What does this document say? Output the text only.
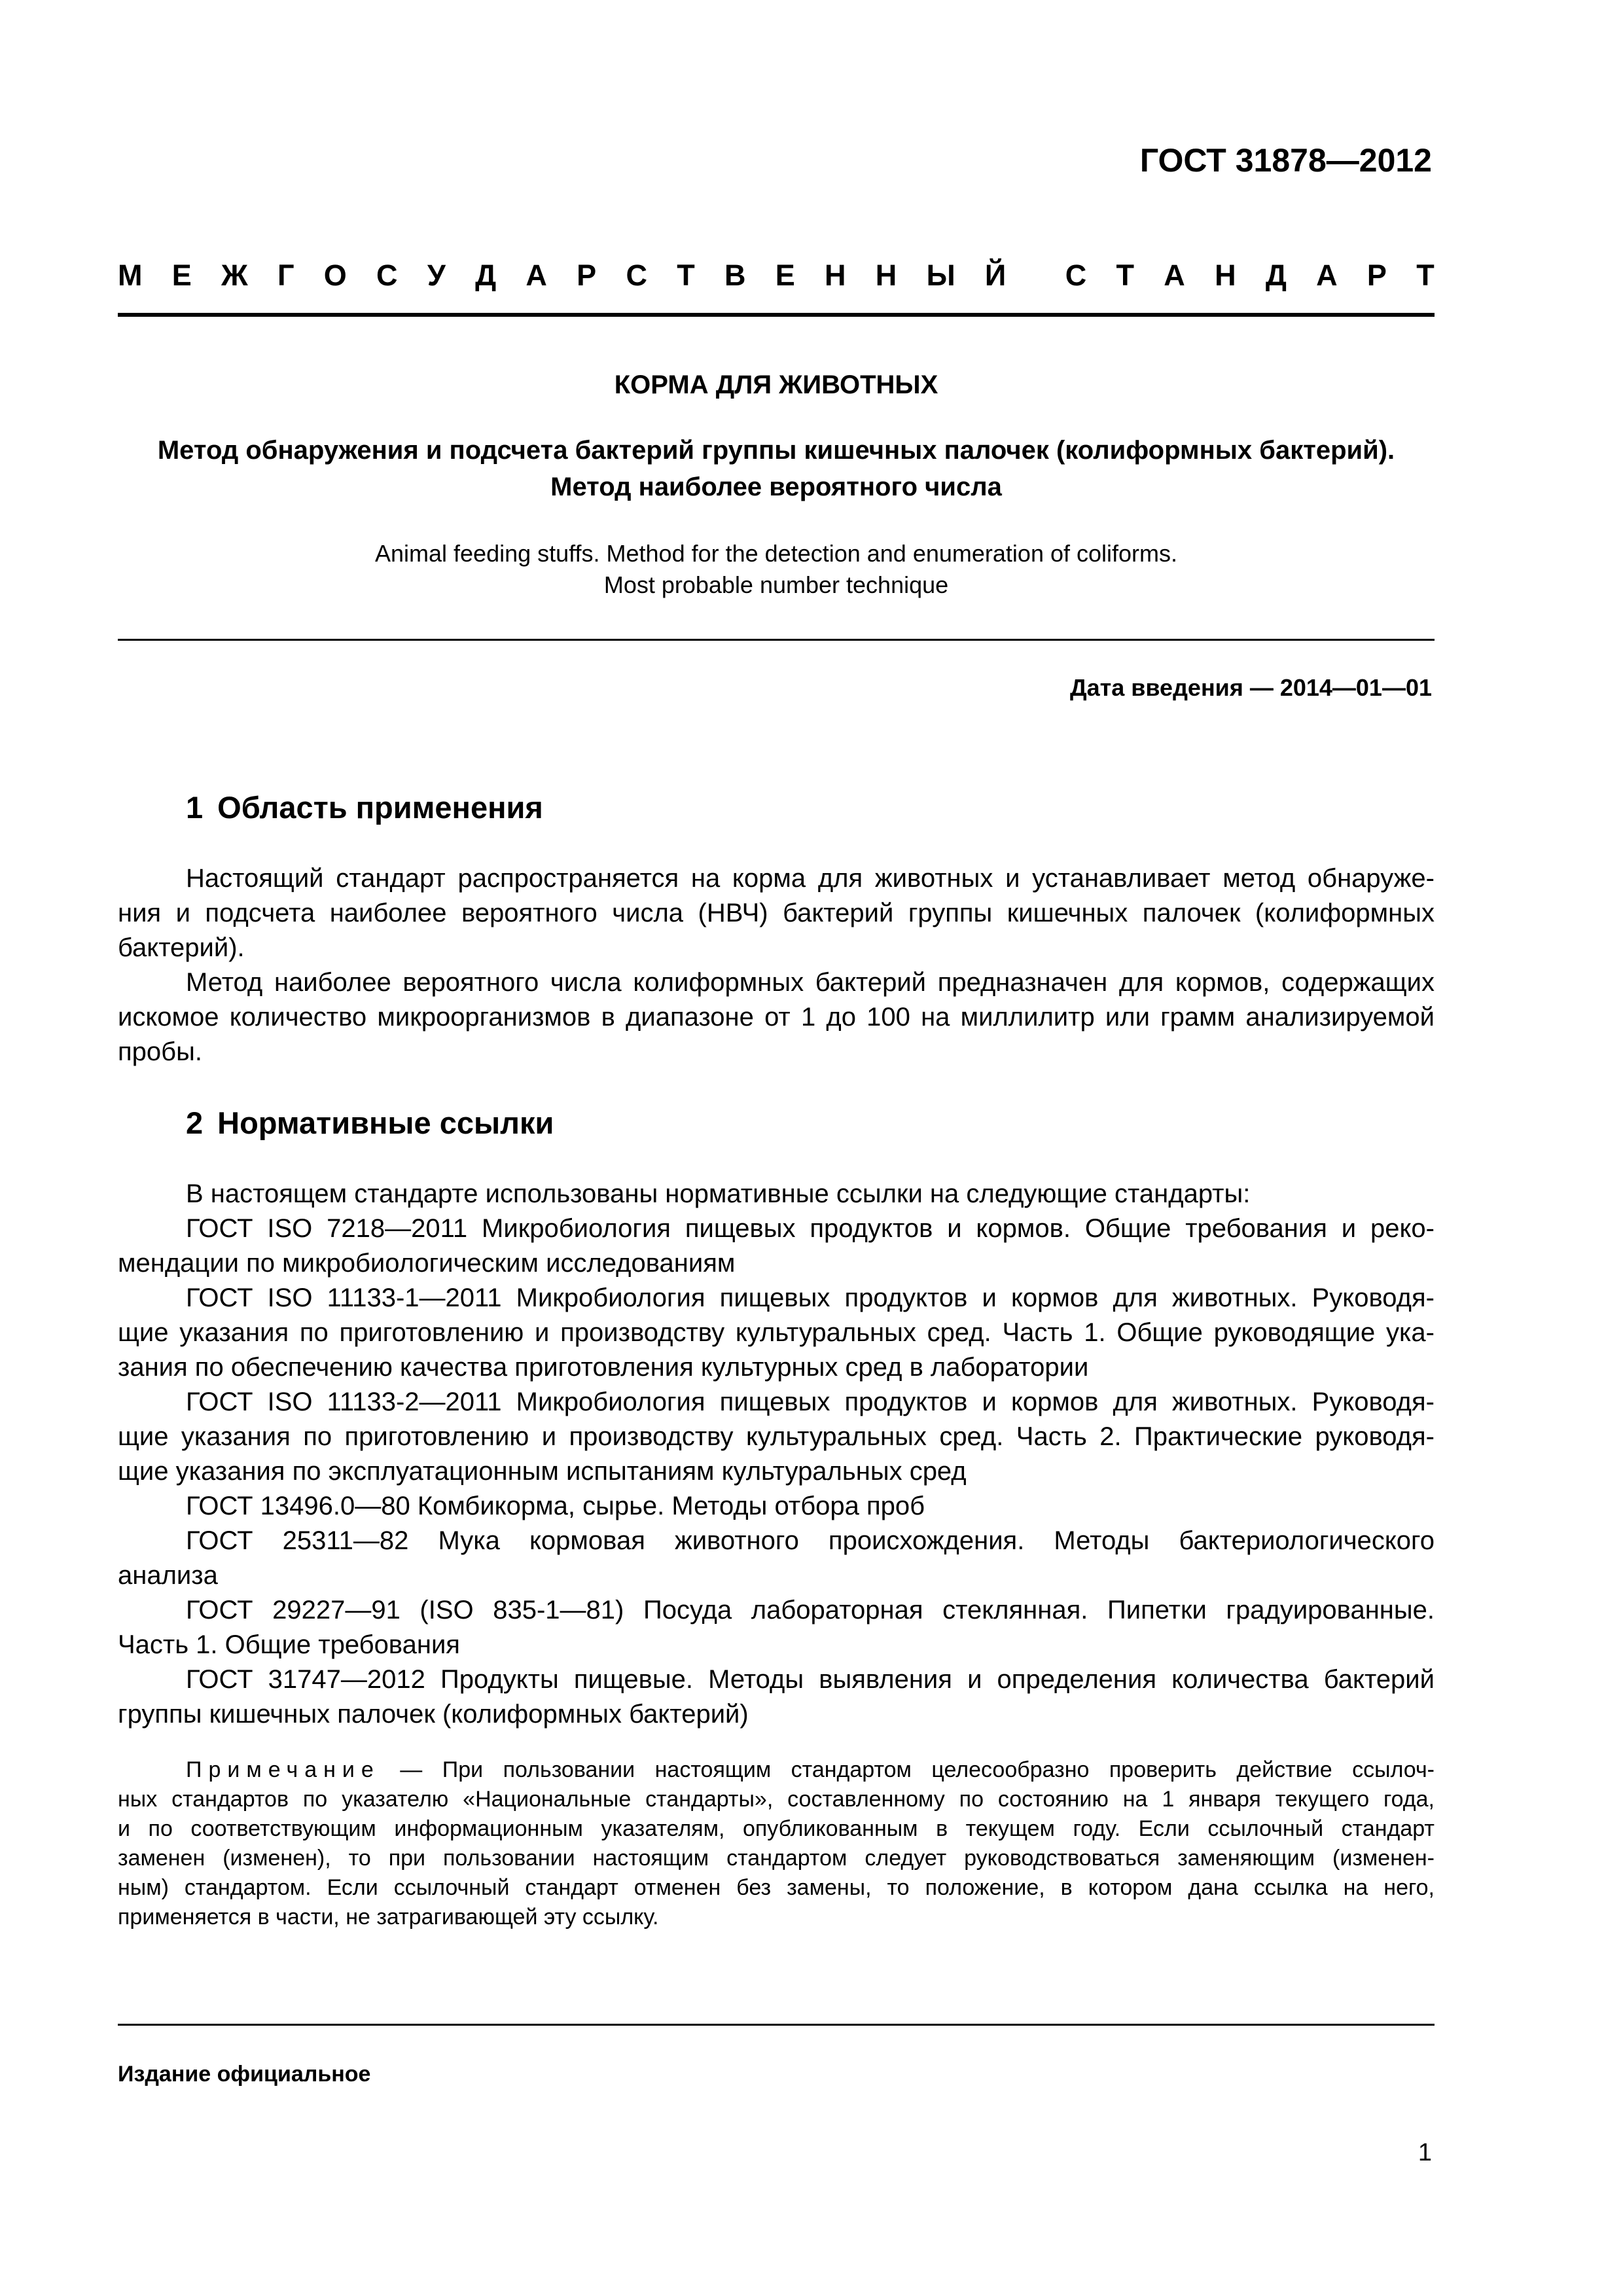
ГОСТ 31878—2012
М Е Ж Г О С У Д А Р С Т В Е Н Н Ы Й С Т А Н Д А Р Т
КОРМА ДЛЯ ЖИВОТНЫХ
Метод обнаружения и подсчета бактерий группы кишечных палочек (колиформных бактерий).
Метод наиболее вероятного числа
Animal feeding stuffs. Method for the detection and enumeration of coliforms.
Most probable number technique
Дата введения — 2014—01—01
1 Область применения
Настоящий стандарт распространяется на корма для животных и устанавливает метод обнаруже-
ния и подсчета наиболее вероятного числа (НВЧ) бактерий группы кишечных палочек (колиформных
бактерий).
Метод наиболее вероятного числа колиформных бактерий предназначен для кормов, содержащих
искомое количество микроорганизмов в диапазоне от 1 до 100 на миллилитр или грамм анализируемой
пробы.
2 Нормативные ссылки
В настоящем стандарте использованы нормативные ссылки на следующие стандарты:
ГОСТ ISO 7218—2011 Микробиология пищевых продуктов и кормов. Общие требования и реко-
мендации по микробиологическим исследованиям
ГОСТ ISO 11133-1—2011 Микробиология пищевых продуктов и кормов для животных. Руководя-
щие указания по приготовлению и производству культуральных сред. Часть 1. Общие руководящие ука-
зания по обеспечению качества приготовления культурных сред в лаборатории
ГОСТ ISO 11133-2—2011 Микробиология пищевых продуктов и кормов для животных. Руководя-
щие указания по приготовлению и производству культуральных сред. Часть 2. Практические руководя-
щие указания по эксплуатационным испытаниям культуральных сред
ГОСТ 13496.0—80 Комбикорма, сырье. Методы отбора проб
ГОСТ 25311—82 Мука кормовая животного происхождения. Методы бактериологического
анализа
ГОСТ 29227—91 (ISO 835-1—81) Посуда лабораторная стеклянная. Пипетки градуированные.
Часть 1. Общие требования
ГОСТ 31747—2012 Продукты пищевые. Методы выявления и определения количества бактерий
группы кишечных палочек (колиформных бактерий)
Примечание — При пользовании настоящим стандартом целесообразно проверить действие ссылоч-
ных стандартов по указателю «Национальные стандарты», составленному по состоянию на 1 января текущего года,
и по соответствующим информационным указателям, опубликованным в текущем году. Если ссылочный стандарт
заменен (изменен), то при пользовании настоящим стандартом следует руководствоваться заменяющим (изменен-
ным) стандартом. Если ссылочный стандарт отменен без замены, то положение, в котором дана ссылка на него,
применяется в части, не затрагивающей эту ссылку.
Издание официальное
1
